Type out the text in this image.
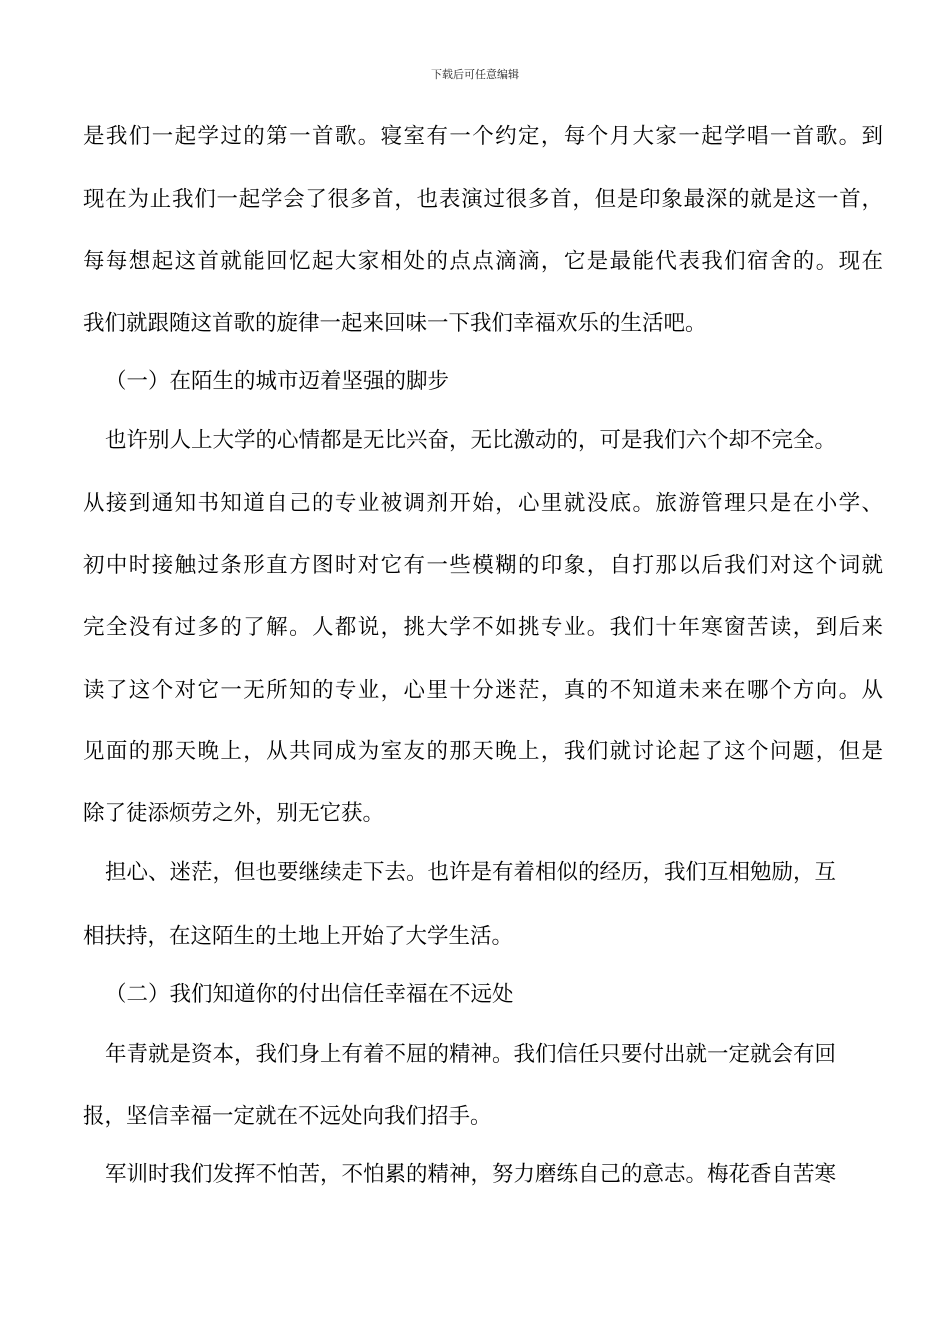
下载后可任意编辑
是我们一起学过的第一首歌。寝室有一个约定，每个月大家一起学唱一首歌。到
现在为止我们一起学会了很多首，也表演过很多首，但是印象最深的就是这一首，
每每想起这首就能回忆起大家相处的点点滴滴，它是最能代表我们宿舍的。现在
我们就跟随这首歌的旋律一起来回味一下我们幸福欢乐的生活吧。
（一）在陌生的城市迈着坚强的脚步
也许别人上大学的心情都是无比兴奋，无比激动的，可是我们六个却不完全。
从接到通知书知道自己的专业被调剂开始，心里就没底。旅游管理只是在小学、
初中时接触过条形直方图时对它有一些模糊的印象，自打那以后我们对这个词就
完全没有过多的了解。人都说，挑大学不如挑专业。我们十年寒窗苦读，到后来
读了这个对它一无所知的专业，心里十分迷茫，真的不知道未来在哪个方向。从
见面的那天晚上，从共同成为室友的那天晚上，我们就讨论起了这个问题，但是
除了徒添烦劳之外，别无它获。
担心、迷茫，但也要继续走下去。也许是有着相似的经历，我们互相勉励，互
相扶持，在这陌生的土地上开始了大学生活。
（二）我们知道你的付出信任幸福在不远处
年青就是资本，我们身上有着不屈的精神。我们信任只要付出就一定就会有回
报，坚信幸福一定就在不远处向我们招手。
军训时我们发挥不怕苦，不怕累的精神，努力磨练自己的意志。梅花香自苦寒
